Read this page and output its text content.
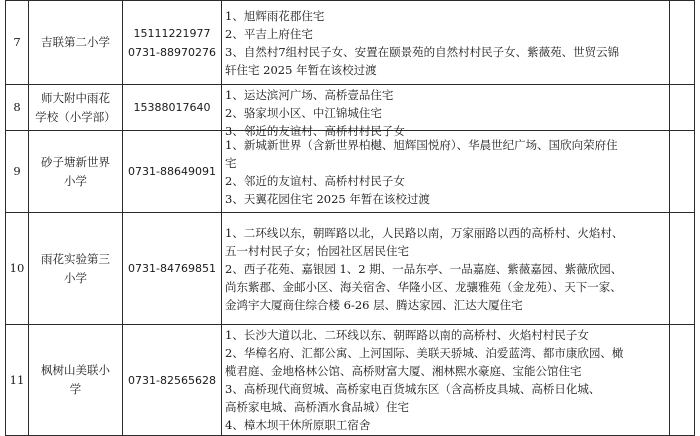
7 吉联第二小学
15111221977
0731-88970276
1、旭辉雨花郡住宅
2、平吉上府住宅
3、自然村7组村民子女、安置在颐景苑的自然村村民子女、紫薇苑、世贸云锦
轩住宅 2025 年暂在该校过渡
8
师大附中雨花
学校（小学部）
15388017640
1、运达滨河广场、高桥壹品住宅
2、骆家坝小区、中江锦城住宅
3、邻近的友谊村、高桥村村民子女
9
砂子塘新世界
小学
0731-88649091
1、新城新世界（含新世界柏樾、旭辉国悦府）、华晨世纪广场、国欣向荣府住
宅
2、邻近的友谊村、高桥村村民子女
3、天翼花园住宅 2025 年暂在该校过渡
10
雨花实验第三
小学
0731-84769851
1、二环线以东，朝晖路以北，人民路以南，万家丽路以西的高桥村、火焰村、
五一村村民子女；怡园社区居民住宅
2、西子花苑、嘉银园 1、2 期、一品东亭、一品嘉庭、紫薇嘉园、紫薇欣园、
尚东紫郡、金邮小区、海关宿舍、华隆小区、龙骧雅苑（金龙苑）、天下一家、
金鸿宇大厦商住综合楼 6-26 层、腾达家园、汇达大厦住宅
11
枫树山美联小
学
0731-82565628
1、长沙大道以北、二环线以东、朝晖路以南的高桥村、火焰村村民子女
2、华樟名府、汇都公寓、上河国际、美联天骄城、泊爱蓝湾、都市康欣园、橄
榄君庭、金地格林公馆、高桥财富大厦、湘林熙水豪庭、宝能公馆住宅
3、高桥现代商贸城、高桥家电百货城东区（含高桥皮具城、高桥日化城、
高桥家电城、高桥酒水食品城）住宅
4、樟木坝干休所原职工宿舍
